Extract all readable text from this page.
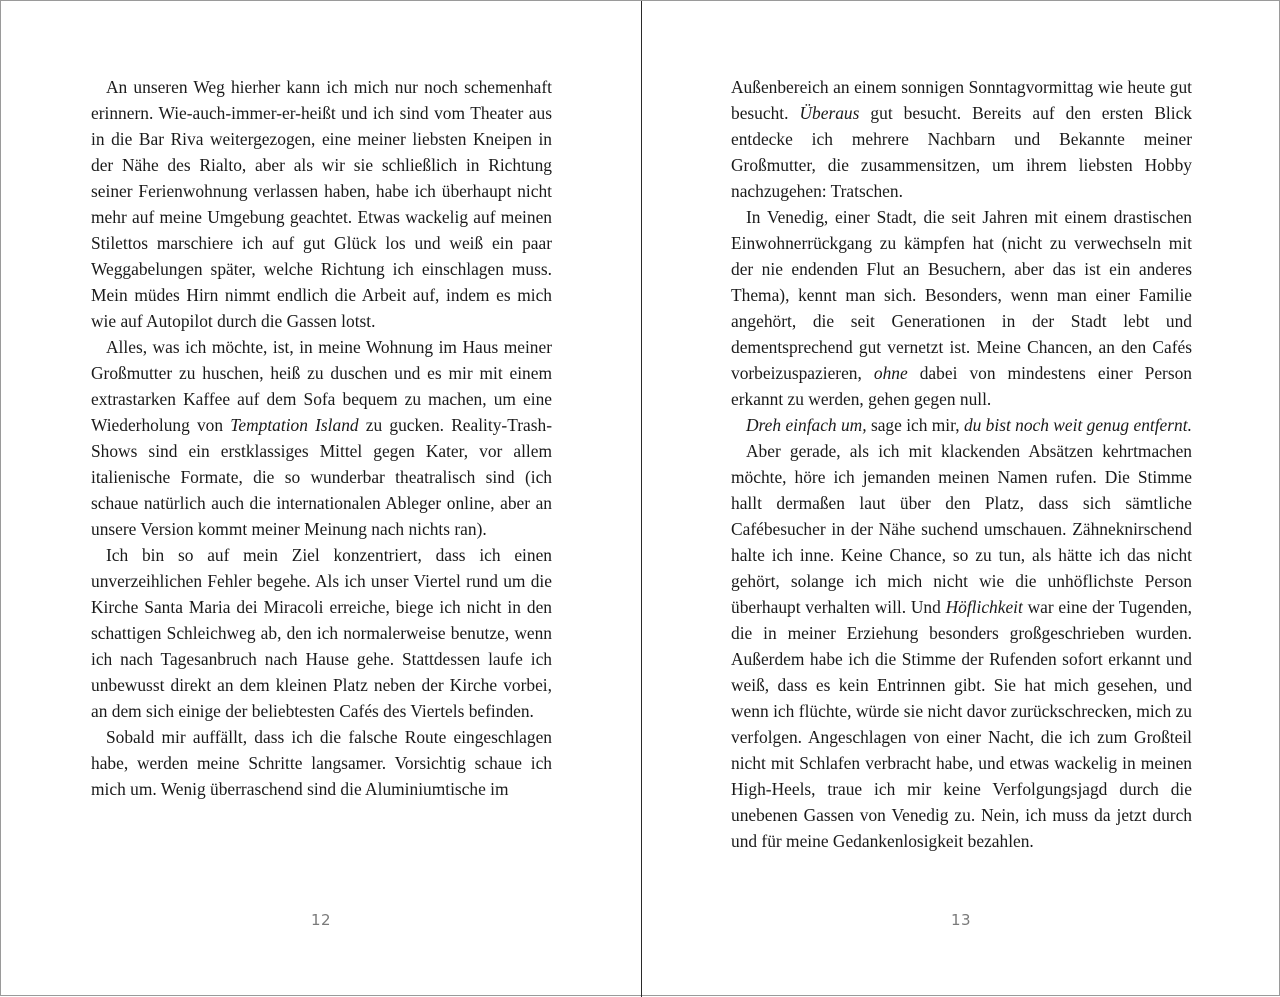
An unseren Weg hierher kann ich mich nur noch schemenhaft erinnern. Wie-auch-immer-er-heißt und ich sind vom Theater aus in die Bar Riva weitergezogen, eine meiner liebsten Kneipen in der Nähe des Rialto, aber als wir sie schließlich in Richtung seiner Ferienwohnung verlassen haben, habe ich überhaupt nicht mehr auf meine Umgebung geachtet. Etwas wackelig auf meinen Stilettos marschiere ich auf gut Glück los und weiß ein paar Weggabelungen später, welche Richtung ich einschlagen muss. Mein müdes Hirn nimmt endlich die Arbeit auf, indem es mich wie auf Autopilot durch die Gassen lotst.

Alles, was ich möchte, ist, in meine Wohnung im Haus meiner Großmutter zu huschen, heiß zu duschen und es mir mit einem extrastarken Kaffee auf dem Sofa bequem zu machen, um eine Wiederholung von Temptation Island zu gucken. Reality-Trash-Shows sind ein erstklassiges Mittel gegen Kater, vor allem italienische Formate, die so wunderbar theatralisch sind (ich schaue natürlich auch die internationalen Ableger online, aber an unsere Version kommt meiner Meinung nach nichts ran).

Ich bin so auf mein Ziel konzentriert, dass ich einen unverzeihlichen Fehler begehe. Als ich unser Viertel rund um die Kirche Santa Maria dei Miracoli erreiche, biege ich nicht in den schattigen Schleichweg ab, den ich normalerweise benutze, wenn ich nach Tagesanbruch nach Hause gehe. Stattdessen laufe ich unbewusst direkt an dem kleinen Platz neben der Kirche vorbei, an dem sich einige der beliebtesten Cafés des Viertels befinden.

Sobald mir auffällt, dass ich die falsche Route eingeschlagen habe, werden meine Schritte langsamer. Vorsichtig schaue ich mich um. Wenig überraschend sind die Aluminiumtische im

12

Außenbereich an einem sonnigen Sonntagvormittag wie heute gut besucht. Überaus gut besucht. Bereits auf den ersten Blick entdecke ich mehrere Nachbarn und Bekannte meiner Großmutter, die zusammensitzen, um ihrem liebsten Hobby nachzugehen: Tratschen.

In Venedig, einer Stadt, die seit Jahren mit einem drastischen Einwohnerrückgang zu kämpfen hat (nicht zu verwechseln mit der nie endenden Flut an Besuchern, aber das ist ein anderes Thema), kennt man sich. Besonders, wenn man einer Familie angehört, die seit Generationen in der Stadt lebt und dementsprechend gut vernetzt ist. Meine Chancen, an den Cafés vorbeizuspazieren, ohne dabei von mindestens einer Person erkannt zu werden, gehen gegen null.

Dreh einfach um, sage ich mir, du bist noch weit genug entfernt.

Aber gerade, als ich mit klackenden Absätzen kehrtmachen möchte, höre ich jemanden meinen Namen rufen. Die Stimme hallt dermaßen laut über den Platz, dass sich sämtliche Cafébesucher in der Nähe suchend umschauen. Zähneknirschend halte ich inne. Keine Chance, so zu tun, als hätte ich das nicht gehört, solange ich mich nicht wie die unhöflichste Person überhaupt verhalten will. Und Höflichkeit war eine der Tugenden, die in meiner Erziehung besonders großgeschrieben wurden. Außerdem habe ich die Stimme der Rufenden sofort erkannt und weiß, dass es kein Entrinnen gibt. Sie hat mich gesehen, und wenn ich flüchte, würde sie nicht davor zurückschrecken, mich zu verfolgen. Angeschlagen von einer Nacht, die ich zum Großteil nicht mit Schlafen verbracht habe, und etwas wackelig in meinen High-Heels, traue ich mir keine Verfolgungsjagd durch die unebenen Gassen von Venedig zu. Nein, ich muss da jetzt durch und für meine Gedankenlosigkeit bezahlen.

13
